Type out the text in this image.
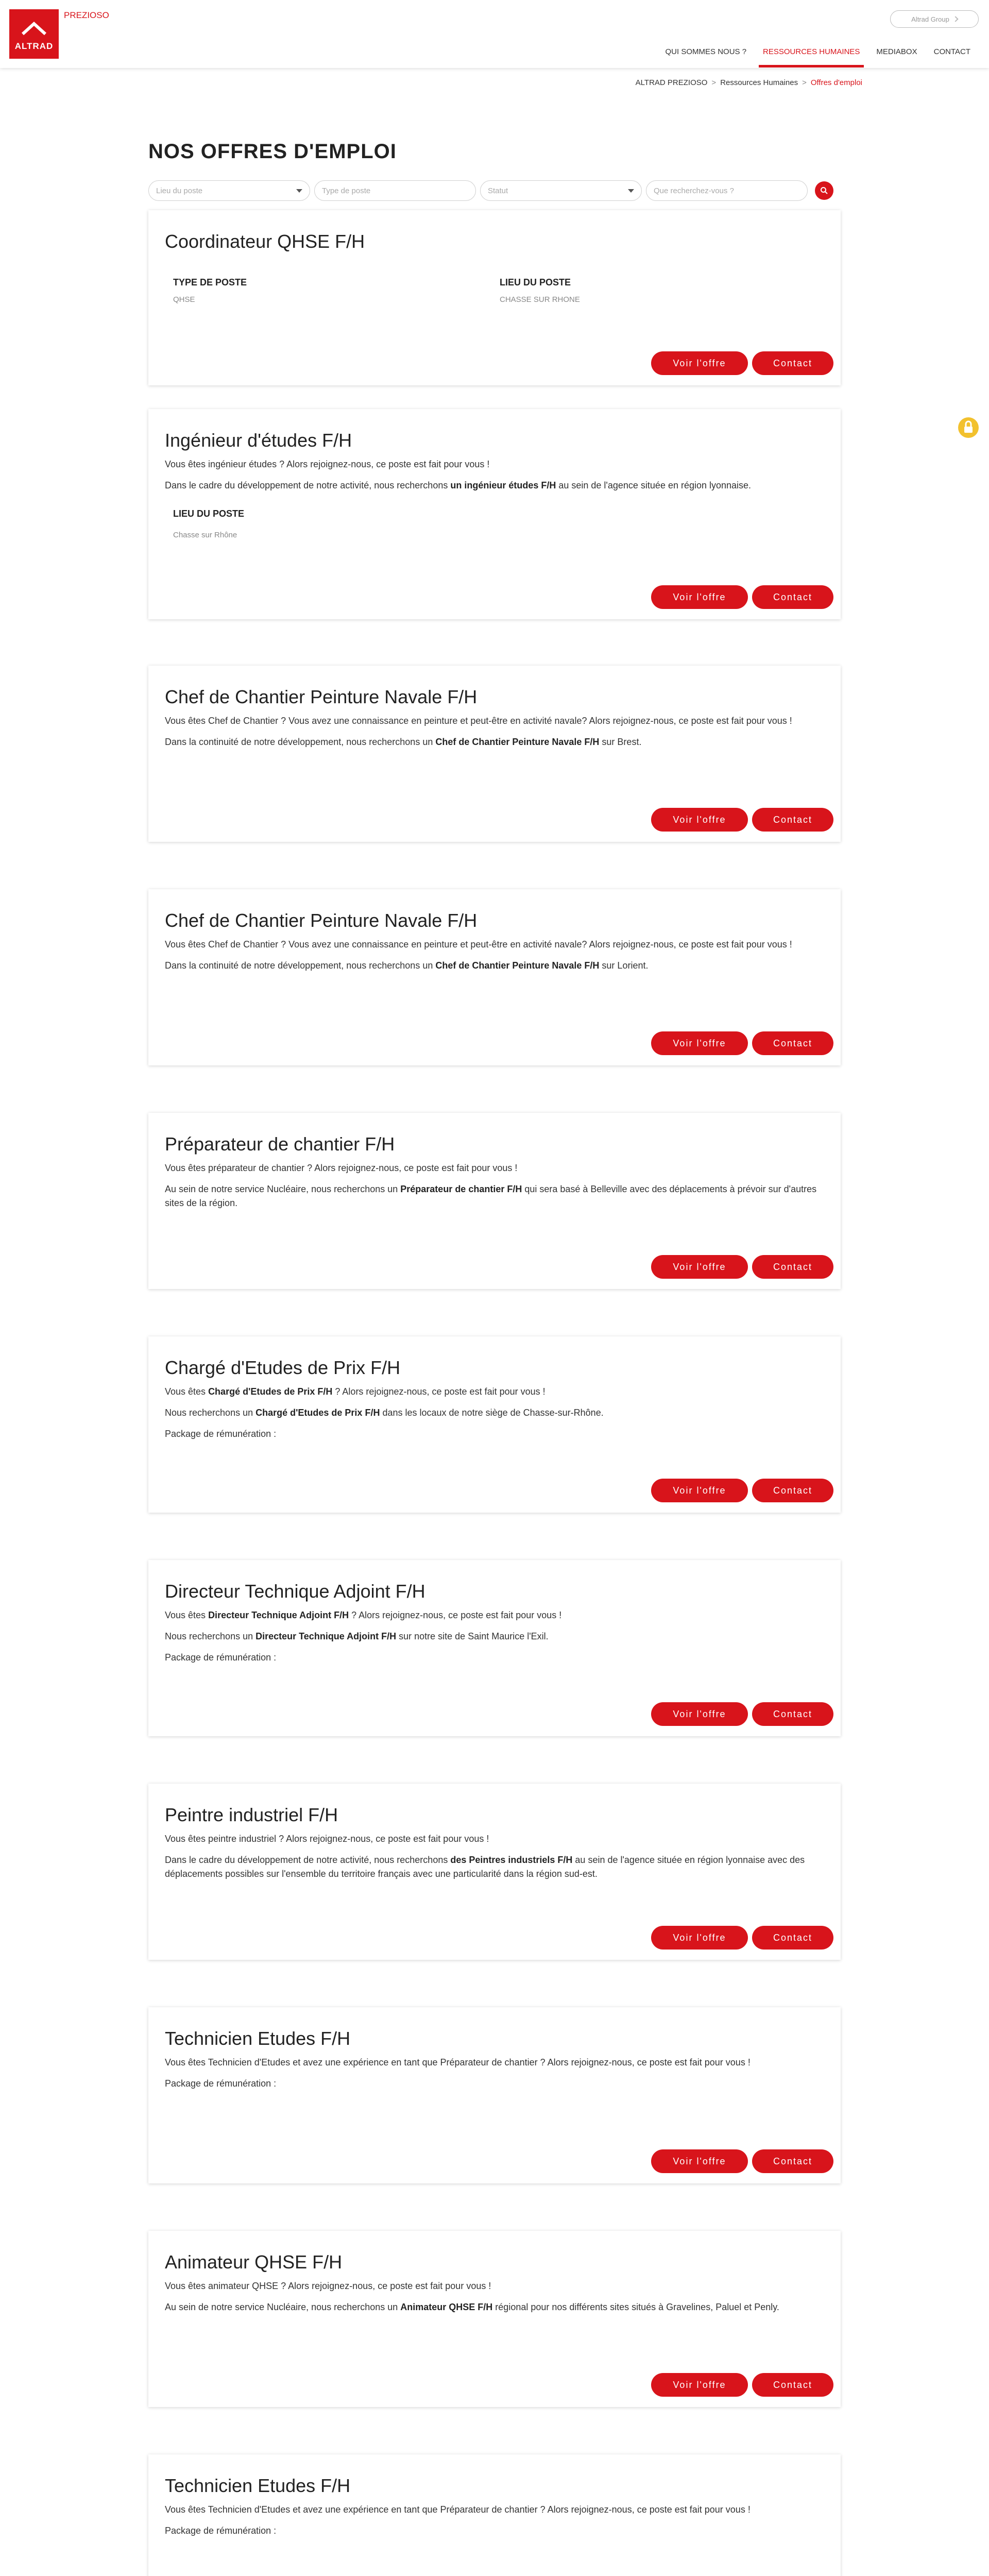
ALTRAD
PREZIOSO	Altrad Group
QUI SOMMES NOUS ?	RESSOURCES HUMAINES	MEDIABOX	CONTACT
ALTRAD PREZIOSO > Ressources Humaines > Offres d'emploi
NOS OFFRES D'EMPLOI
Lieu du poste	Type de poste	Statut	Que recherchez-vous ?
Coordinateur QHSE F/H
TYPE DE POSTE
QHSE
LIEU DU POSTE
CHASSE SUR RHONE
Voir l'offre	Contact
Ingénieur d'études F/H

Vous êtes ingénieur études ? Alors rejoignez-nous, ce poste est fait pour vous !

Dans le cadre du développement de notre activité, nous recherchons un ingénieur études F/H au sein de l'agence située en région lyonnaise.

LIEU DU POSTE
Chasse sur Rhône
Voir l'offre	Contact
Chef de Chantier Peinture Navale F/H

Vous êtes Chef de Chantier ? Vous avez une connaissance en peinture et peut-être en activité navale? Alors rejoignez-nous, ce poste est fait pour vous !

Dans la continuité de notre développement, nous recherchons un Chef de Chantier Peinture Navale F/H sur Brest.

Voir l'offre	Contact
Chef de Chantier Peinture Navale F/H

Vous êtes Chef de Chantier ? Vous avez une connaissance en peinture et peut-être en activité navale? Alors rejoignez-nous, ce poste est fait pour vous !

Dans la continuité de notre développement, nous recherchons un Chef de Chantier Peinture Navale F/H sur Lorient.

Voir l'offre	Contact
Préparateur de chantier F/H

Vous êtes préparateur de chantier ? Alors rejoignez-nous, ce poste est fait pour vous !

Au sein de notre service Nucléaire, nous recherchons un Préparateur de chantier F/H qui sera basé à Belleville avec des déplacements à prévoir sur d'autres sites de la région.

Voir l'offre	Contact
Chargé d'Etudes de Prix F/H

Vous êtes Chargé d'Etudes de Prix F/H ? Alors rejoignez-nous, ce poste est fait pour vous !

Nous recherchons un Chargé d'Etudes de Prix F/H dans les locaux de notre siège de Chasse-sur-Rhône.

Package de rémunération :

Voir l'offre	Contact
Directeur Technique Adjoint F/H

Vous êtes Directeur Technique Adjoint F/H ? Alors rejoignez-nous, ce poste est fait pour vous !

Nous recherchons un Directeur Technique Adjoint F/H sur notre site de Saint Maurice l'Exil.

Package de rémunération :

Voir l'offre	Contact
Peintre industriel F/H

Vous êtes peintre industriel ? Alors rejoignez-nous, ce poste est fait pour vous !

Dans le cadre du développement de notre activité, nous recherchons des Peintres industriels F/H au sein de l'agence située en région lyonnaise avec des déplacements possibles sur l'ensemble du territoire français avec une particularité dans la région sud-est.

Voir l'offre	Contact
Technicien Etudes F/H

Vous êtes Technicien d'Etudes et avez une expérience en tant que Préparateur de chantier ? Alors rejoignez-nous, ce poste est fait pour vous !

Package de rémunération :

Voir l'offre	Contact
Animateur QHSE F/H

Vous êtes animateur QHSE ? Alors rejoignez-nous, ce poste est fait pour vous !

Au sein de notre service Nucléaire, nous recherchons un Animateur QHSE F/H régional pour nos différents sites situés à Gravelines, Paluel et Penly.

Voir l'offre	Contact
Technicien Etudes F/H

Vous êtes Technicien d'Etudes et avez une expérience en tant que Préparateur de chantier ? Alors rejoignez-nous, ce poste est fait pour vous !

Package de rémunération :
